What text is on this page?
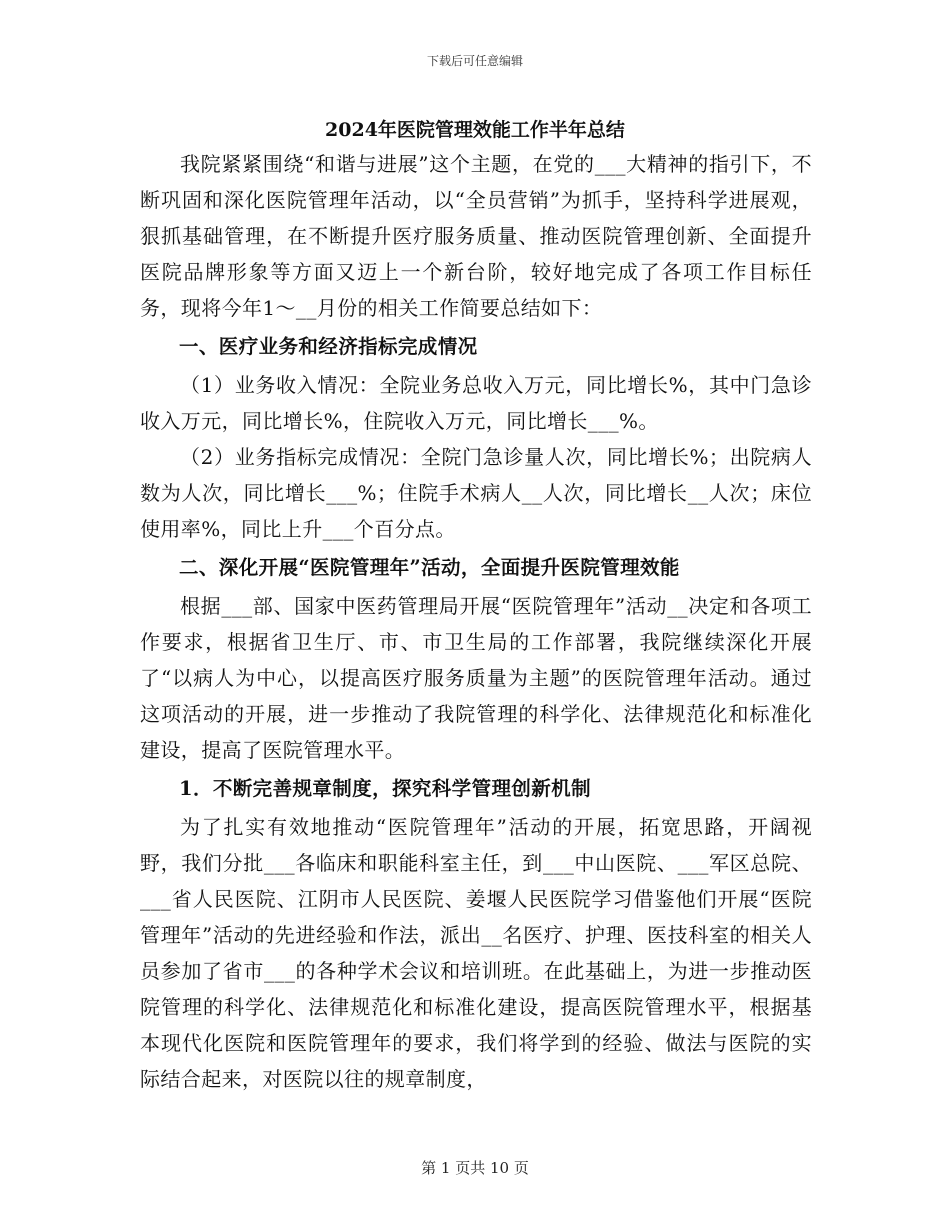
下载后可任意编辑
2024年医院管理效能工作半年总结

我院紧紧围绕“和谐与进展”这个主题，在党的___大精神的指引下，不断巩固和深化医院管理年活动，以“全员营销”为抓手，坚持科学进展观，狠抓基础管理，在不断提升医疗服务质量、推动医院管理创新、全面提升医院品牌形象等方面又迈上一个新台阶，较好地完成了各项工作目标任务，现将今年1～__月份的相关工作简要总结如下：

一、医疗业务和经济指标完成情况

（1）业务收入情况：全院业务总收入万元，同比增长%，其中门急诊收入万元，同比增长%，住院收入万元，同比增长___%。

（2）业务指标完成情况：全院门急诊量人次，同比增长%；出院病人数为人次，同比增长___%；住院手术病人__人次，同比增长__人次；床位使用率%，同比上升___个百分点。

二、深化开展“医院管理年”活动，全面提升医院管理效能

根据___部、国家中医药管理局开展“医院管理年”活动__决定和各项工作要求，根据省卫生厅、市、市卫生局的工作部署，我院继续深化开展了“以病人为中心，以提高医疗服务质量为主题”的医院管理年活动。通过这项活动的开展，进一步推动了我院管理的科学化、法律规范化和标准化建设，提高了医院管理水平。

1．不断完善规章制度，探究科学管理创新机制

为了扎实有效地推动“医院管理年”活动的开展，拓宽思路，开阔视野，我们分批___各临床和职能科室主任，到___中山医院、___军区总院、___省人民医院、江阴市人民医院、姜堰人民医院学习借鉴他们开展“医院管理年”活动的先进经验和作法，派出__名医疗、护理、医技科室的相关人员参加了省市___的各种学术会议和培训班。在此基础上，为进一步推动医院管理的科学化、法律规范化和标准化建设，提高医院管理水平，根据基本现代化医院和医院管理年的要求，我们将学到的经验、做法与医院的实际结合起来，对医院以往的规章制度，

第 1 页共 10 页
